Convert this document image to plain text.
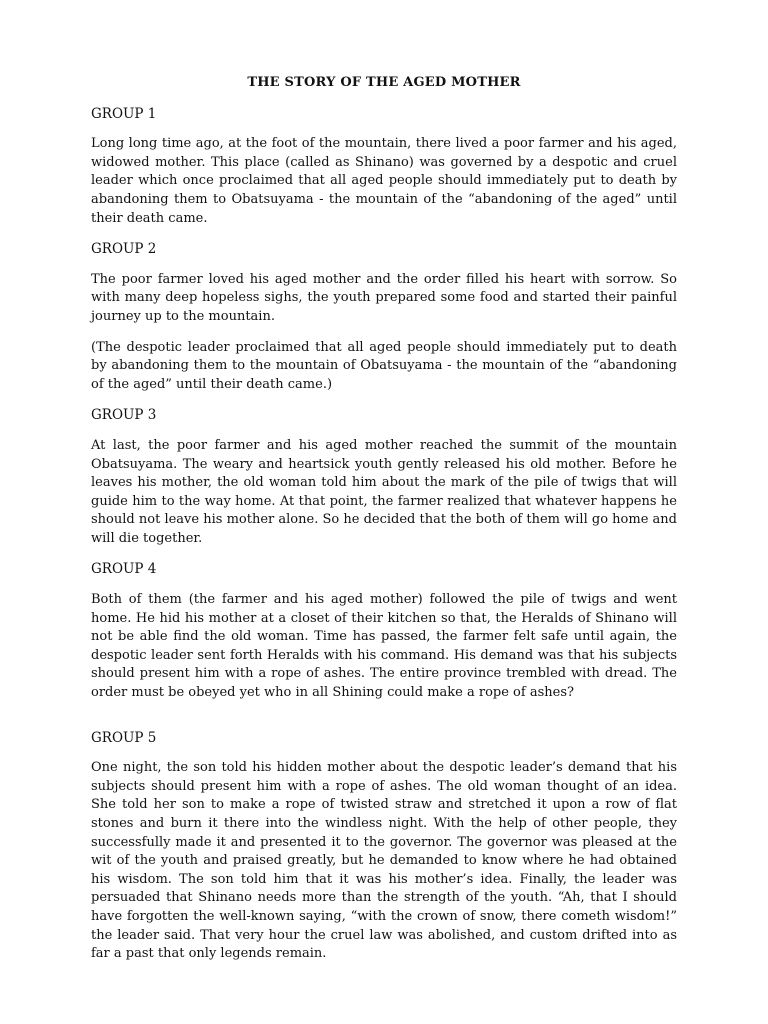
THE STORY OF THE AGED MOTHER
GROUP 1

Long long time ago, at the foot of the mountain, there lived a poor farmer and his aged, widowed mother. This place (called as Shinano) was governed by a despotic and cruel leader which once proclaimed that all aged people should immediately put to death by abandoning them to Obatsuyama - the mountain of the “abandoning of the aged” until their death came.

GROUP 2

The poor farmer loved his aged mother and the order filled his heart with sorrow. So with many deep hopeless sighs, the youth prepared some food and started their painful journey up to the mountain.

(The despotic leader proclaimed that all aged people should immediately put to death by abandoning them to the mountain of Obatsuyama - the mountain of the “abandoning of the aged” until their death came.)

GROUP 3

At last, the poor farmer and his aged mother reached the summit of the mountain Obatsuyama. The weary and heartsick youth gently released his old mother. Before he leaves his mother, the old woman told him about the mark of the pile of twigs that will guide him to the way home. At that point, the farmer realized that whatever happens he should not leave his mother alone. So he decided that the both of them will go home and will die together.

GROUP 4

Both of them (the farmer and his aged mother) followed the pile of twigs and went home. He hid his mother at a closet of their kitchen so that, the Heralds of Shinano will not be able find the old woman. Time has passed, the farmer felt safe until again, the despotic leader sent forth Heralds with his command. His demand was that his subjects should present him with a rope of ashes. The entire province trembled with dread. The order must be obeyed yet who in all Shining could make a rope of ashes?

GROUP 5

One night, the son told his hidden mother about the despotic leader’s demand that his subjects should present him with a rope of ashes. The old woman thought of an idea. She told her son to make a rope of twisted straw and stretched it upon a row of flat stones and burn it there into the windless night. With the help of other people, they successfully made it and presented it to the governor. The governor was pleased at the wit of the youth and praised greatly, but he demanded to know where he had obtained his wisdom. The son told him that it was his mother’s idea. Finally, the leader was persuaded that Shinano needs more than the strength of the youth. “Ah, that I should have forgotten the well-known saying, “with the crown of snow, there cometh wisdom!” the leader said. That very hour the cruel law was abolished, and custom drifted into as far a past that only legends remain.
